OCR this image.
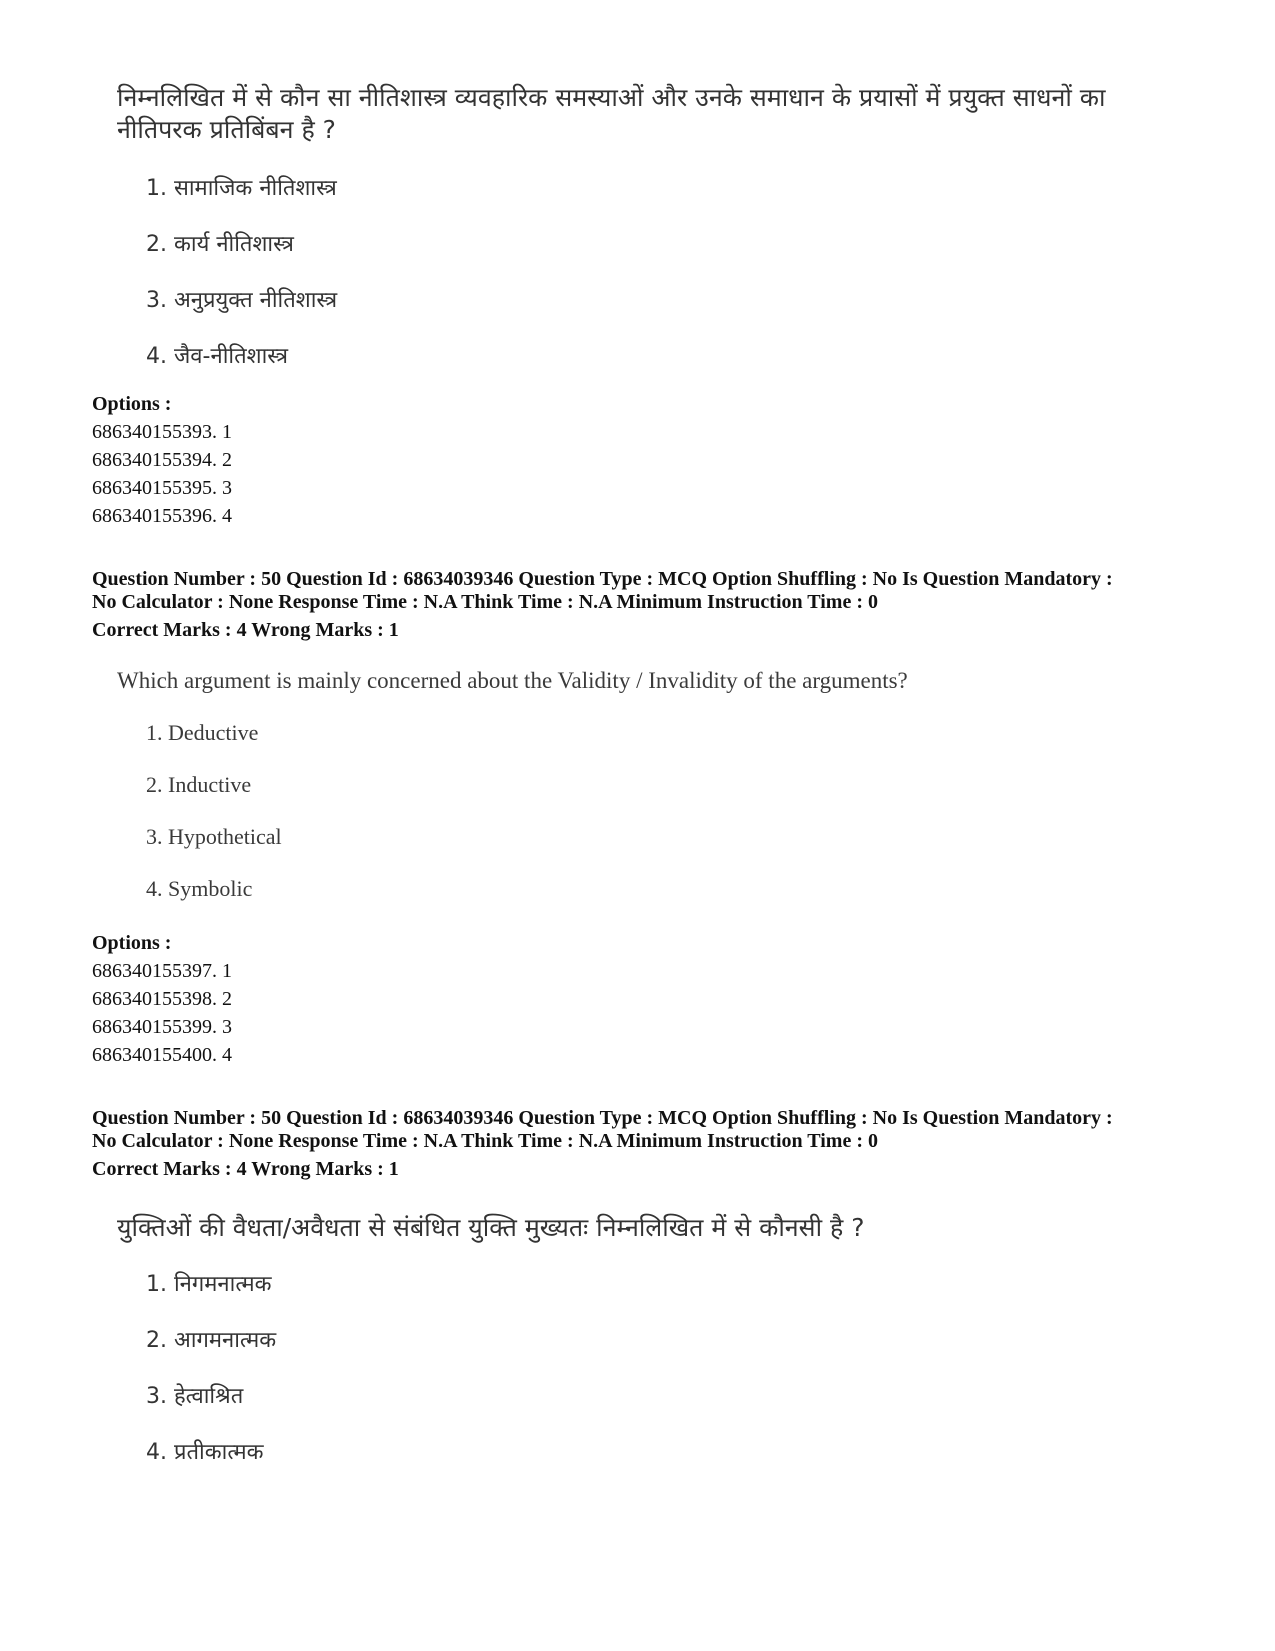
निम्नलिखित में से कौन सा नीतिशास्त्र व्यवहारिक समस्याओं और उनके समाधान के प्रयासों में प्रयुक्त साधनों का नीतिपरक प्रतिबिंबन है ?
1. सामाजिक नीतिशास्त्र
2. कार्य नीतिशास्त्र
3. अनुप्रयुक्त नीतिशास्त्र
4. जैव-नीतिशास्त्र
Options :
686340155393. 1
686340155394. 2
686340155395. 3
686340155396. 4
Question Number : 50 Question Id : 68634039346 Question Type : MCQ Option Shuffling : No Is Question Mandatory :
No Calculator : None Response Time : N.A Think Time : N.A Minimum Instruction Time : 0
Correct Marks : 4 Wrong Marks : 1
Which argument is mainly concerned about the Validity / Invalidity of the arguments?
1. Deductive
2. Inductive
3. Hypothetical
4. Symbolic
Options :
686340155397. 1
686340155398. 2
686340155399. 3
686340155400. 4
Question Number : 50 Question Id : 68634039346 Question Type : MCQ Option Shuffling : No Is Question Mandatory :
No Calculator : None Response Time : N.A Think Time : N.A Minimum Instruction Time : 0
Correct Marks : 4 Wrong Marks : 1
युक्तिओं की वैधता/अवैधता से संबंधित युक्ति मुख्यतः निम्नलिखित में से कौनसी है ?
1. निगमनात्मक
2. आगमनात्मक
3. हेत्वाश्रित
4. प्रतीकात्मक
